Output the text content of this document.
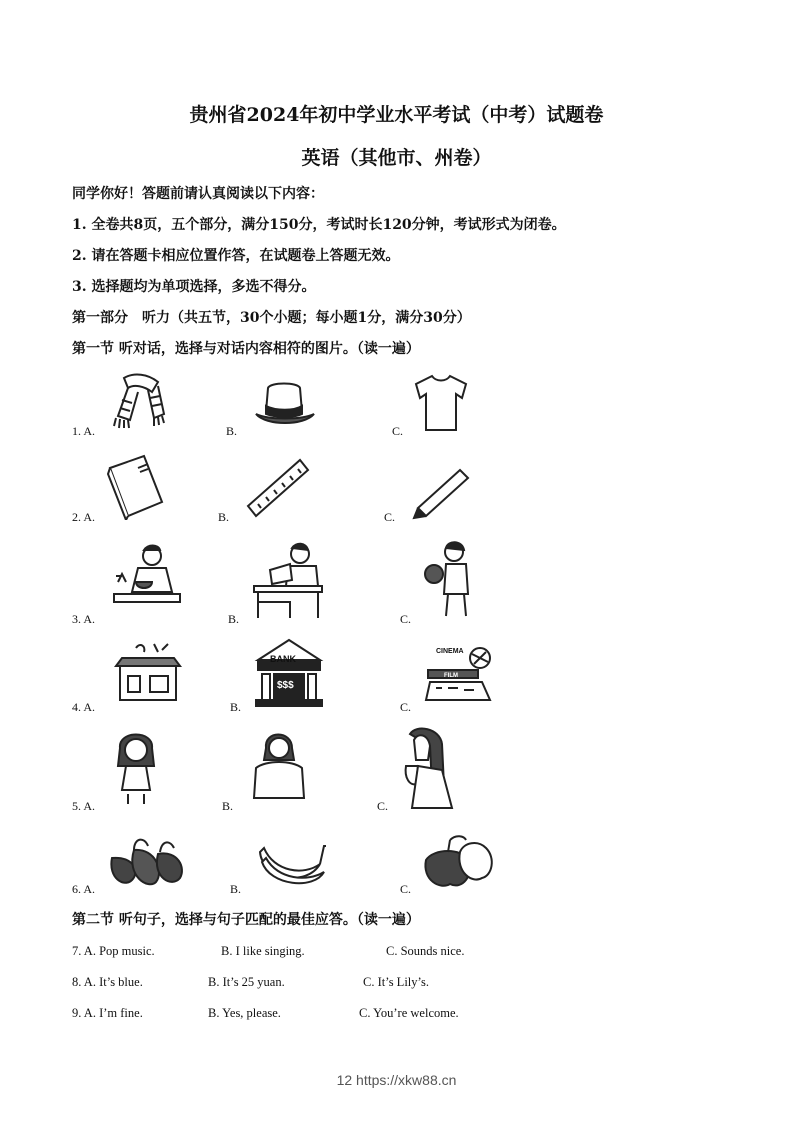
贵州省2024年初中学业水平考试（中考）试题卷
英语（其他市、州卷）
同学你好！答题前请认真阅读以下内容：
1. 全卷共8页，五个部分，满分150分，考试时长120分钟，考试形式为闭卷。
2. 请在答题卡相应位置作答，在试题卷上答题无效。
3. 选择题均为单项选择，多选不得分。
第一部分　听力（共五节，30个小题；每小题1分，满分30分）
第一节 听对话，选择与对话内容相符的图片。（读一遍）
1. A.	B.	C.
2. A.	B.	C.
3. A.	B.	C.
4. A.	B.	C.
BANK
$$$
CINEMA
FILM
5. A.	B.	C.
6. A.	B.	C.
第二节 听句子，选择与句子匹配的最佳应答。（读一遍）
7. A. Pop music.	B. I like singing.	C. Sounds nice.
8. A. It’s blue.	B. It’s 25 yuan.	C. It’s Lily’s.
9. A. I’m fine.	B. Yes, please.	C. You’re welcome.
12 https://xkw88.cn
